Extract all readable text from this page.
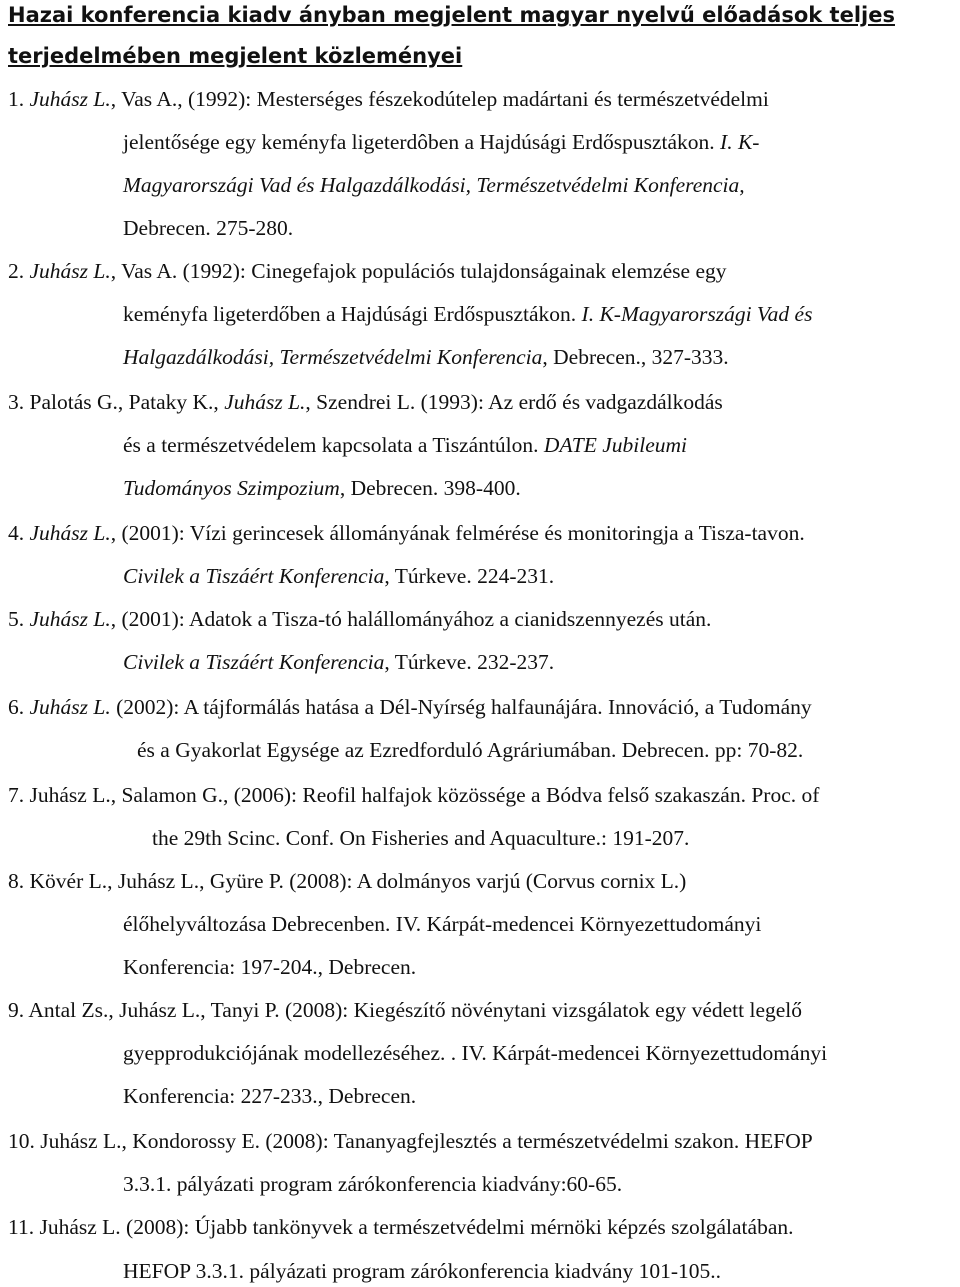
Hazai konferencia kiadv ányban megjelent magyar nyelvű előadások teljes
terjedelmében megjelent közleményei
1. Juhász L., Vas A., (1992): Mesterséges fészekodútelep madártani és természetvédelmi
jelentősége egy keményfa ligeterdôben a Hajdúsági Erdőspusztákon. I. K-
Magyarországi Vad és Halgazdálkodási, Természetvédelmi Konferencia,
Debrecen. 275-280.
2. Juhász L., Vas A. (1992): Cinegefajok populációs tulajdonságainak elemzése egy
keményfa ligeterdőben a Hajdúsági Erdőspusztákon. I. K-Magyarországi Vad és
Halgazdálkodási, Természetvédelmi Konferencia, Debrecen., 327-333.
3. Palotás G., Pataky K., Juhász L., Szendrei L. (1993): Az erdő és vadgazdálkodás
és a természetvédelem kapcsolata a Tiszántúlon. DATE Jubileumi
Tudományos Szimpozium, Debrecen. 398-400.
4. Juhász L., (2001): Vízi gerincesek állományának felmérése és monitoringja a Tisza-tavon.
Civilek a Tiszáért Konferencia, Túrkeve. 224-231.
5. Juhász L., (2001): Adatok a Tisza-tó halállományához a cianidszennyezés után.
Civilek a Tiszáért Konferencia, Túrkeve. 232-237.
6. Juhász L. (2002): A tájformálás hatása a Dél-Nyírség halfaunájára. Innováció, a Tudomány
és a Gyakorlat Egysége az Ezredforduló Agráriumában. Debrecen. pp: 70-82.
7. Juhász L., Salamon G., (2006): Reofil halfajok közössége a Bódva felső szakaszán. Proc. of
the 29th Scinc. Conf. On Fisheries and Aquaculture.: 191-207.
8. Kövér L., Juhász L., Gyüre P. (2008): A dolmányos varjú (Corvus cornix L.)
élőhelyváltozása Debrecenben. IV. Kárpát-medencei Környezettudományi
Konferencia: 197-204., Debrecen.
9. Antal Zs., Juhász L., Tanyi P. (2008): Kiegészítő növénytani vizsgálatok egy védett legelő
gyepprodukciójának modellezéséhez. . IV. Kárpát-medencei Környezettudományi
Konferencia: 227-233., Debrecen.
10. Juhász L., Kondorossy E. (2008): Tananyagfejlesztés a természetvédelmi szakon. HEFOP
3.3.1. pályázati program zárókonferencia kiadvány:60-65.
11. Juhász L. (2008): Újabb tankönyvek a természetvédelmi mérnöki képzés szolgálatában.
HEFOP 3.3.1. pályázati program zárókonferencia kiadvány 101-105..
